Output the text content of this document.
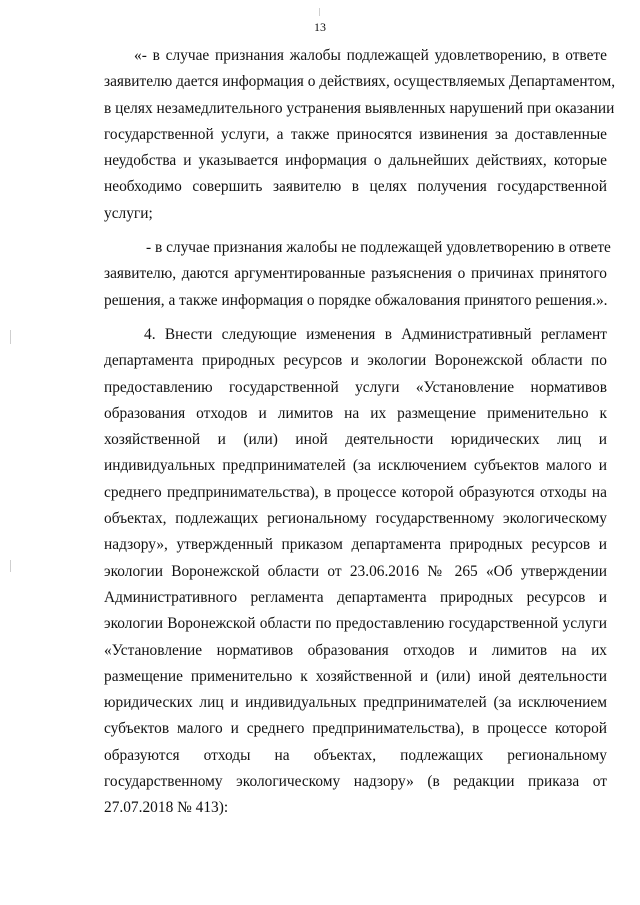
13
«- в случае признания жалобы подлежащей удовлетворению, в ответе
заявителю дается информация о действиях, осуществляемых Департаментом,
в целях незамедлительного устранения выявленных нарушений при оказании
государственной услуги, а также приносятся извинения за доставленные
неудобства и указывается информация о дальнейших действиях, которые
необходимо совершить заявителю в целях получения государственной
услуги;
- в случае признания жалобы не подлежащей удовлетворению в ответе
заявителю, даются аргументированные разъяснения о причинах принятого
решения, а также информация о порядке обжалования принятого решения.».
4. Внести следующие изменения в Административный регламент
департамента природных ресурсов и экологии Воронежской области по
предоставлению государственной услуги «Установление нормативов
образования отходов и лимитов на их размещение применительно к
хозяйственной и (или) иной деятельности юридических лиц и
индивидуальных предпринимателей (за исключением субъектов малого и
среднего предпринимательства), в процессе которой образуются отходы на
объектах, подлежащих региональному государственному экологическому
надзору», утвержденный приказом департамента природных ресурсов и
экологии Воронежской области от 23.06.2016 № 265 «Об утверждении
Административного регламента департамента природных ресурсов и
экологии Воронежской области по предоставлению государственной услуги
«Установление нормативов образования отходов и лимитов на их
размещение применительно к хозяйственной и (или) иной деятельности
юридических лиц и индивидуальных предпринимателей (за исключением
субъектов малого и среднего предпринимательства), в процессе которой
образуются отходы на объектах, подлежащих региональному
государственному экологическому надзору» (в редакции приказа от
27.07.2018 № 413):
